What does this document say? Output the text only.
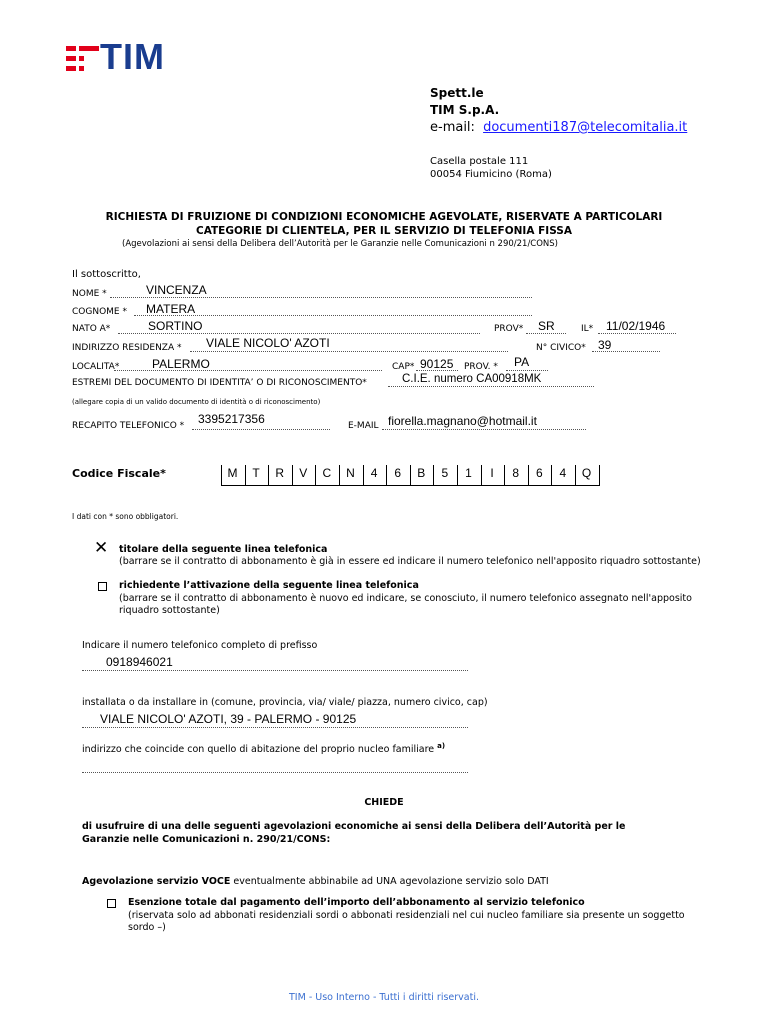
TIM
Spett.le
TIM S.p.A.
e-mail: documenti187@telecomitalia.it
Casella postale 111
00054 Fiumicino (Roma)
RICHIESTA DI FRUIZIONE DI CONDIZIONI ECONOMICHE AGEVOLATE, RISERVATE A PARTICOLARI
CATEGORIE DI CLIENTELA, PER IL SERVIZIO DI TELEFONIA FISSA
(Agevolazioni ai sensi della Delibera dell’Autorità per le Garanzie nelle Comunicazioni n 290/21/CONS)
Il sottoscritto,
NOME *	VINCENZA
COGNOME * MATERA
NATO A*	SORTINO	PROV* SR	IL* 11/02/1946
INDIRIZZO RESIDENZA * VIALE NICOLO' AZOTI	N° CIVICO* 39
LOCALITA*	PALERMO	CAP* 90125 PROV. * PA
ESTREMI DEL DOCUMENTO DI IDENTITA’ O DI RICONOSCIMENTO*	C.I.E. numero CA00918MK
(allegare copia di un valido documento di identità o di riconoscimento)
RECAPITO TELEFONICO * 3395217356	E-MAIL fiorella.magnano@hotmail.it
Codice Fiscale*	M	T	R	V	C	N	4	6	B	5	1	I	8	6	4	Q
I dati con * sono obbligatori.
✕ titolare della seguente linea telefonica
(barrare se il contratto di abbonamento è già in essere ed indicare il numero telefonico nell'apposito riquadro sottostante)
richiedente l’attivazione della seguente linea telefonica
(barrare se il contratto di abbonamento è nuovo ed indicare, se conosciuto, il numero telefonico assegnato nell'apposito
riquadro sottostante)
Indicare il numero telefonico completo di prefisso
0918946021
installata o da installare in (comune, provincia, via/ viale/ piazza, numero civico, cap)
VIALE NICOLO' AZOTI, 39 - PALERMO - 90125
indirizzo che coincide con quello di abitazione del proprio nucleo familiare $^{a)}$
CHIEDE
di usufruire di una delle seguenti agevolazioni economiche ai sensi della Delibera dell’Autorità per le
Garanzie nelle Comunicazioni n. 290/21/CONS:
Agevolazione servizio VOCE eventualmente abbinabile ad UNA agevolazione servizio solo DATI
Esenzione totale dal pagamento dell’importo dell’abbonamento al servizio telefonico
(riservata solo ad abbonati residenziali sordi o abbonati residenziali nel cui nucleo familiare sia presente un soggetto
sordo –)
TIM - Uso Interno - Tutti i diritti riservati.
